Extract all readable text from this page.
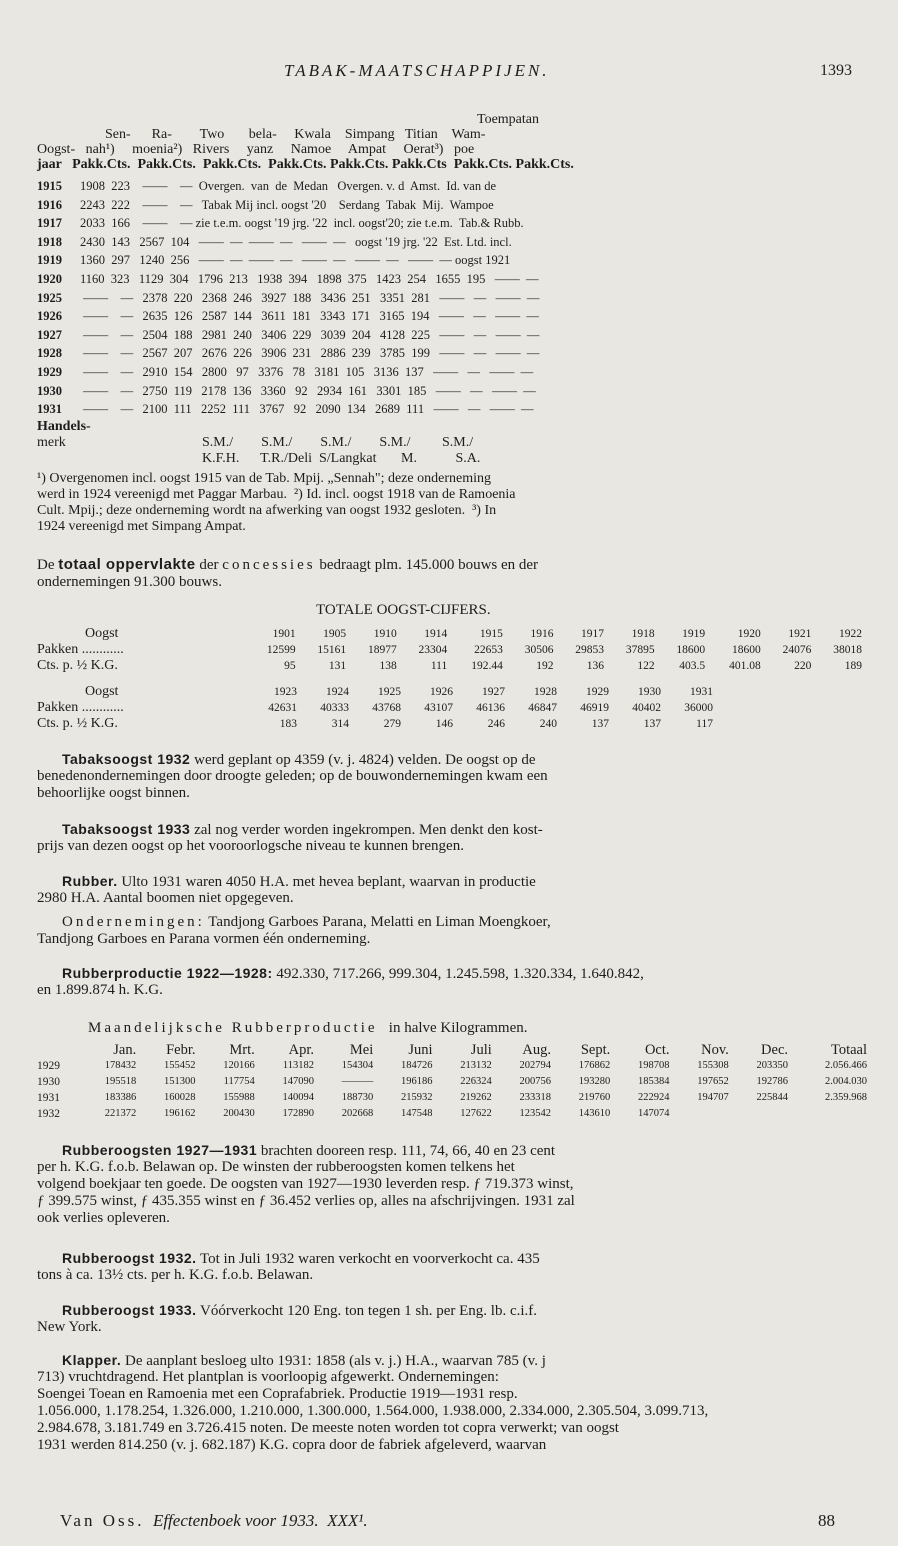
TABAK-MAATSCHAPPIJEN.	1393
Toempatan
Sen-      Ra-        Two       bela-     Kwala    Simpang   Titian    Wam-
Oogst-   nah¹)     moenia²)   Rivers     yanz     Namoe     Ampat     Oerat³)   poe
jaar   Pakk.Cts.  Pakk.Cts.  Pakk.Cts.  Pakk.Cts. Pakk.Cts. Pakk.Cts  Pakk.Cts. Pakk.Cts.
1915 1908  223    ——    —  Overgen.  van  de  Medan   Overgen. v. d  Amst.  Id. van de
1916 2243  222    ——    —   Tabak Mij incl. oogst '20    Serdang  Tabak  Mij.  Wampoe
1917 2033  166    ——    — zie t.e.m. oogst '19 jrg. '22  incl. oogst'20; zie t.e.m.  Tab.& Rubb.
1918 2430  143   2567  104   ——  —  ——  —   ——  —   oogst '19 jrg. '22  Est. Ltd. incl.
1919 1360  297   1240  256   ——  —  ——  —   ——  —   ——  —   ——  — oogst 1921
1920 1160  323   1129  304   1796  213   1938  394   1898  375   1423  254   1655  195   ——  —
1925 ——    —   2378  220   2368  246   3927  188   3436  251   3351  281   ——   —   ——  —
1926 ——    —   2635  126   2587  144   3611  181   3343  171   3165  194   ——   —   ——  —
1927 ——    —   2504  188   2981  240   3406  229   3039  204   4128  225   ——   —   ——  —
1928 ——    —   2567  207   2676  226   3906  231   2886  239   3785  199   ——   —   ——  —
1929 ——    —   2910  154   2800   97   3376   78   3181  105   3136  137   ——   —   ——  —
1930 ——    —   2750  119   2178  136   3360   92   2934  161   3301  185   ——   —   ——  —
1931 ——    —   2100  111   2252  111   3767   92   2090  134   2689  111   ——   —   ——  —
Handels-
merk	S.M./        S.M./        S.M./        S.M./         S.M./
K.F.H.      T.R./Deli  S/Langkat       M.           S.A.
¹) Overgenomen incl. oogst 1915 van de Tab. Mpij. „Sennah"; deze onderneming
werd in 1924 vereenigd met Paggar Marbau.  ²) Id. incl. oogst 1918 van de Ramoenia
Cult. Mpij.; deze onderneming wordt na afwerking van oogst 1932 gesloten.  ³) In
1924 vereenigd met Simpang Ampat.
De totaal oppervlakte der concessies bedraagt plm. 145.000 bouws en der
ondernemingen 91.300 bouws.
TOTALE OOGST-CIJFERS.
Oogst	1901	1905	1910	1914	1915	1916	1917	1918	1919	1920	1921	1922
Pakken ............	12599	15161	18977	23304	22653	30506	29853	37895	18600	18600	24076	38018
Cts. p. ½ K.G.	95	131	138	111	192.44	192	136	122	403.5	401.08	220	189
Oogst	1923	1924	1925	1926	1927	1928	1929	1930	1931
Pakken ............	42631	40333	43768	43107	46136	46847	46919	40402	36000
Cts. p. ½ K.G.	183	314	279	146	246	240	137	137	117
Tabaksoogst 1932 werd geplant op 4359 (v. j. 4824) velden. De oogst op de
benedenondernemingen door droogte geleden; op de bouwondernemingen kwam een
behoorlijke oogst binnen.
Tabaksoogst 1933 zal nog verder worden ingekrompen. Men denkt den kost-
prijs van dezen oogst op het vooroorlogsche niveau te kunnen brengen.
Rubber. Ulto 1931 waren 4050 H.A. met hevea beplant, waarvan in productie
2980 H.A. Aantal boomen niet opgegeven.
Ondernemingen: Tandjong Garboes Parana, Melatti en Liman Moengkoer,
Tandjong Garboes en Parana vormen één onderneming.
Rubberproductie 1922—1928: 492.330, 717.266, 999.304, 1.245.598, 1.320.334, 1.640.842,
en 1.899.874 h. K.G.
Maandelijksche Rubberproductie in halve Kilogrammen.
	Jan.	Febr.	Mrt.	Apr.	Mei	Juni	Juli	Aug.	Sept.	Oct.	Nov.	Dec.	Totaal
1929	178432	155452	120166	113182	154304	184726	213132	202794	176862	198708	155308	203350	2.056.466
1930	195518	151300	117754	147090	———	196186	226324	200756	193280	185384	197652	192786	2.004.030
1931	183386	160028	155988	140094	188730	215932	219262	233318	219760	222924	194707	225844	2.359.968
1932	221372	196162	200430	172890	202668	147548	127622	123542	143610	147074			
Rubberoogsten 1927—1931 brachten dooreen resp. 111, 74, 66, 40 en 23 cent
per h. K.G. f.o.b. Belawan op. De winsten der rubberoogsten komen telkens het
volgend boekjaar ten goede. De oogsten van 1927—1930 leverden resp. ƒ 719.373 winst,
ƒ 399.575 winst, ƒ 435.355 winst en ƒ 36.452 verlies op, alles na afschrijvingen. 1931 zal
ook verlies opleveren.
Rubberoogst 1932. Tot in Juli 1932 waren verkocht en voorverkocht ca. 435
tons à ca. 13½ cts. per h. K.G. f.o.b. Belawan.
Rubberoogst 1933. Vóórverkocht 120 Eng. ton tegen 1 sh. per Eng. lb. c.i.f.
New York.
Klapper. De aanplant besloeg ulto 1931: 1858 (als v. j.) H.A., waarvan 785 (v. j
713) vruchtdragend. Het plantplan is voorloopig afgewerkt. Ondernemingen:
Soengei Toean en Ramoenia met een Coprafabriek. Productie 1919—1931 resp.
1.056.000, 1.178.254, 1.326.000, 1.210.000, 1.300.000, 1.564.000, 1.938.000, 2.334.000, 2.305.504, 3.099.713,
2.984.678, 3.181.749 en 3.726.415 noten. De meeste noten worden tot copra verwerkt; van oogst
1931 werden 814.250 (v. j. 682.187) K.G. copra door de fabriek afgeleverd, waarvan
Van Oss. Effectenboek voor 1933. XXX¹.	88
